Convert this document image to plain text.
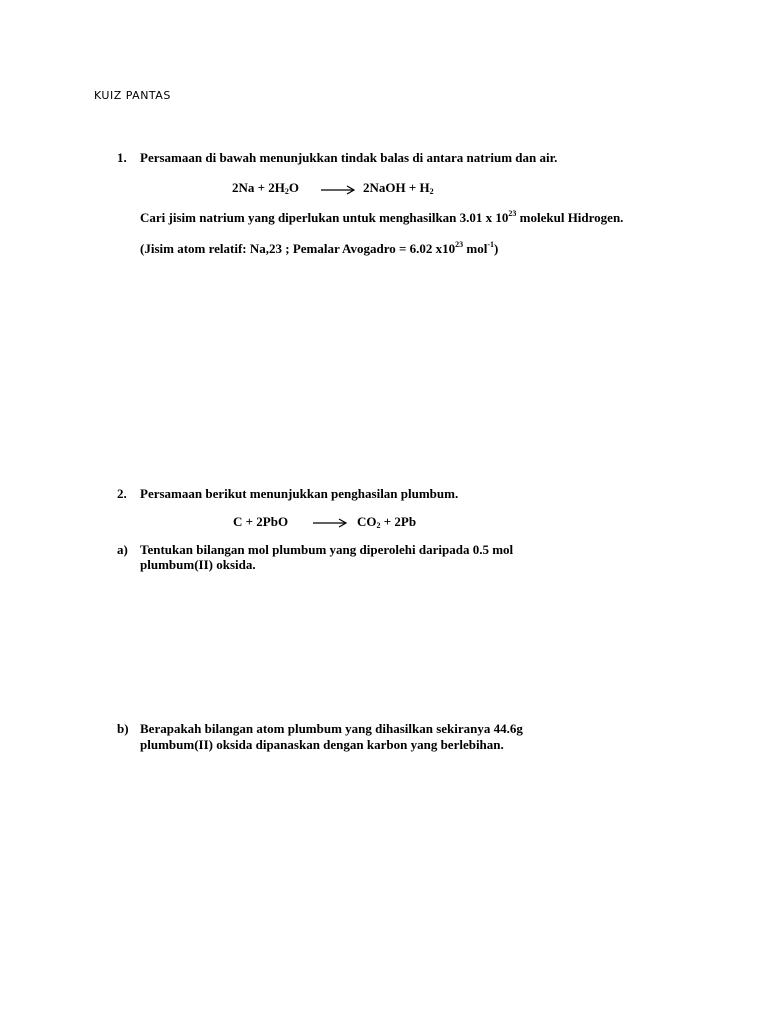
KUIZ PANTAS
1. Persamaan di bawah menunjukkan tindak balas di antara natrium dan air.
$2Na + 2H_2O$	2NaOH + $H_2$
Cari jisim natrium yang diperlukan untuk menghasilkan 3.01 x $10^{23}$ molekul Hidrogen.
(Jisim atom relatif: Na,23 ; Pemalar Avogadro = 6.02 $x10^{23}$ mol$^{-1}$)
2. Persamaan berikut menunjukkan penghasilan plumbum.
C + 2PbO	$CO_2 + 2Pb$
a) Tentukan bilangan mol plumbum yang diperolehi daripada 0.5 mol
plumbum(II) oksida.
b) Berapakah bilangan atom plumbum yang dihasilkan sekiranya 44.6g
plumbum(II) oksida dipanaskan dengan karbon yang berlebihan.
